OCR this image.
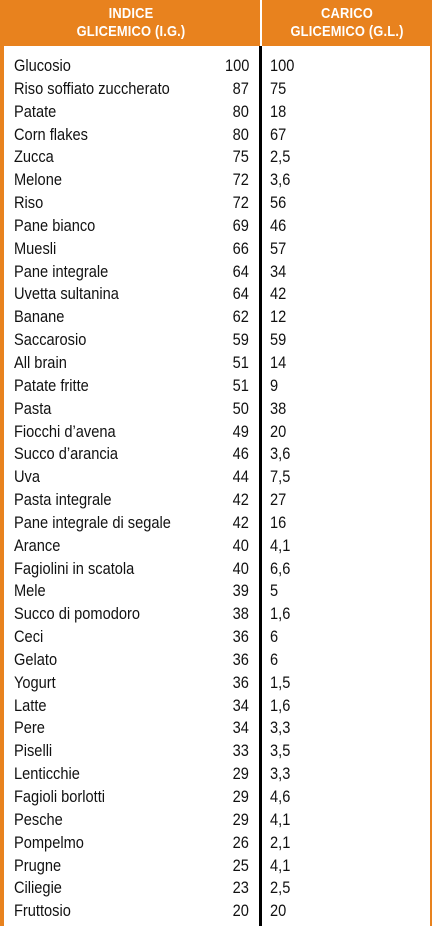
INDICE
GLICEMICO (I.G.)
CARICO
GLICEMICO (G.L.)
Glucosio	100 100
Riso soffiato zuccherato	87 75
Patate	80 18
Corn flakes	80 67
Zucca	75 2,5
Melone	72 3,6
Riso	72 56
Pane bianco	69 46
Muesli	66 57
Pane integrale	64 34
Uvetta sultanina	64 42
Banane	62 12
Saccarosio	59 59
All brain	51 14
Patate fritte	51 9
Pasta	50 38
Fiocchi d’avena	49 20
Succo d’arancia	46 3,6
Uva	44 7,5
Pasta integrale	42 27
Pane integrale di segale	42 16
Arance	40 4,1
Fagiolini in scatola	40 6,6
Mele	39 5
Succo di pomodoro	38 1,6
Ceci	36 6
Gelato	36 6
Yogurt	36 1,5
Latte	34 1,6
Pere	34 3,3
Piselli	33 3,5
Lenticchie	29 3,3
Fagioli borlotti	29 4,6
Pesche	29 4,1
Pompelmo	26 2,1
Prugne	25 4,1
Ciliegie	23 2,5
Fruttosio	20 20
